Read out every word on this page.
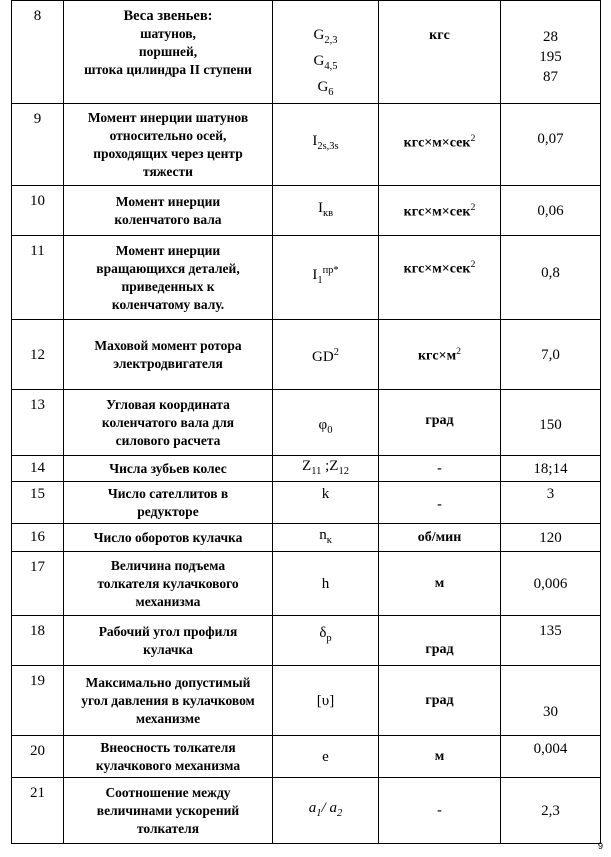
8	Веса звеньев:
шатунов,
поршней,
штока цилиндра II ступени	$G_{2,3}$
$G_{4,5}$
$G_6$	кгс	28
195
87
9	Момент инерции шатунов
относительно осей,
проходящих через центр
тяжести	$I_{2s,3s}$	кгс×м×сек$^2$	0,07
10	Момент инерции
коленчатого вала	$I_{кв}$	кгс×м×сек$^2$	0,06
11	Момент инерции
вращающихся деталей,
приведенных к
коленчатому валу.	$I_1^{пр*}$	кгс×м×сек$^2$	0,8
12	Маховой момент ротора
электродвигателя	$GD^2$	$кгс\times м^2$	7,0
13	Угловая координата
коленчатого вала для
силового расчета	$\varphi_0$	град	150
14	Числа зубьев колес	$Z_{11}$ $;Z_{12}$	-	18;14
15	Число сателлитов в
редукторе	k	-	3
16	Число оборотов кулачка	$n_к$	об/мин	120
17	Величина подъема
толкателя кулачкового
механизма	h	м	0,006
18	Рабочий угол профиля
кулачка	$\delta_р$	град	135
19	Максимально допустимый
угол давления в кулачковом
механизме	[υ]	град	30
20	Внеосность толкателя
кулачкового механизма	e	м	0,004
21	Соотношение между
величинами ускорений
толкателя	$a_1/$ $a_2$	-	2,3
9
